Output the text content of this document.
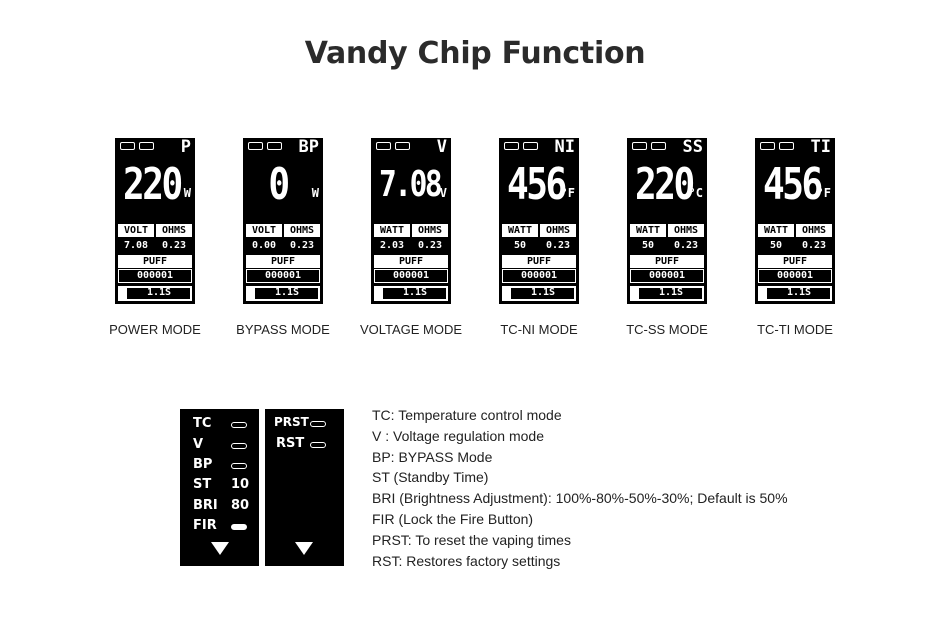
Vandy Chip Function
P
220 W
VOLT	OHMS
7.08	0.23
PUFF
000001
1.1S
POWER MODE
BP
0	W
VOLT	OHMS
0.00	0.23
PUFF
000001
1.1S
BYPASS MODE
V
7.08 V
WATT	OHMS
2.03	0.23
PUFF
000001
1.1S
VOLTAGE MODE
NI
456
°F
WATT	OHMS
50	0.23
PUFF
000001
1.1S
TC-NI MODE
SS
220
°C
WATT	OHMS
50	0.23
PUFF
000001
1.1S
TC-SS MODE
TI
456
°F
WATT	OHMS
50	0.23
PUFF
000001
1.1S
TC-TI MODE
TC
V
BP
ST 10
BRI 80
FIR
PRST
RST
TC: Temperature control mode
V : Voltage regulation mode
BP: BYPASS Mode
ST (Standby Time)
BRI (Brightness Adjustment): 100%-80%-50%-30%; Default is 50%
FIR (Lock the Fire Button)
PRST: To reset the vaping times
RST: Restores factory settings
